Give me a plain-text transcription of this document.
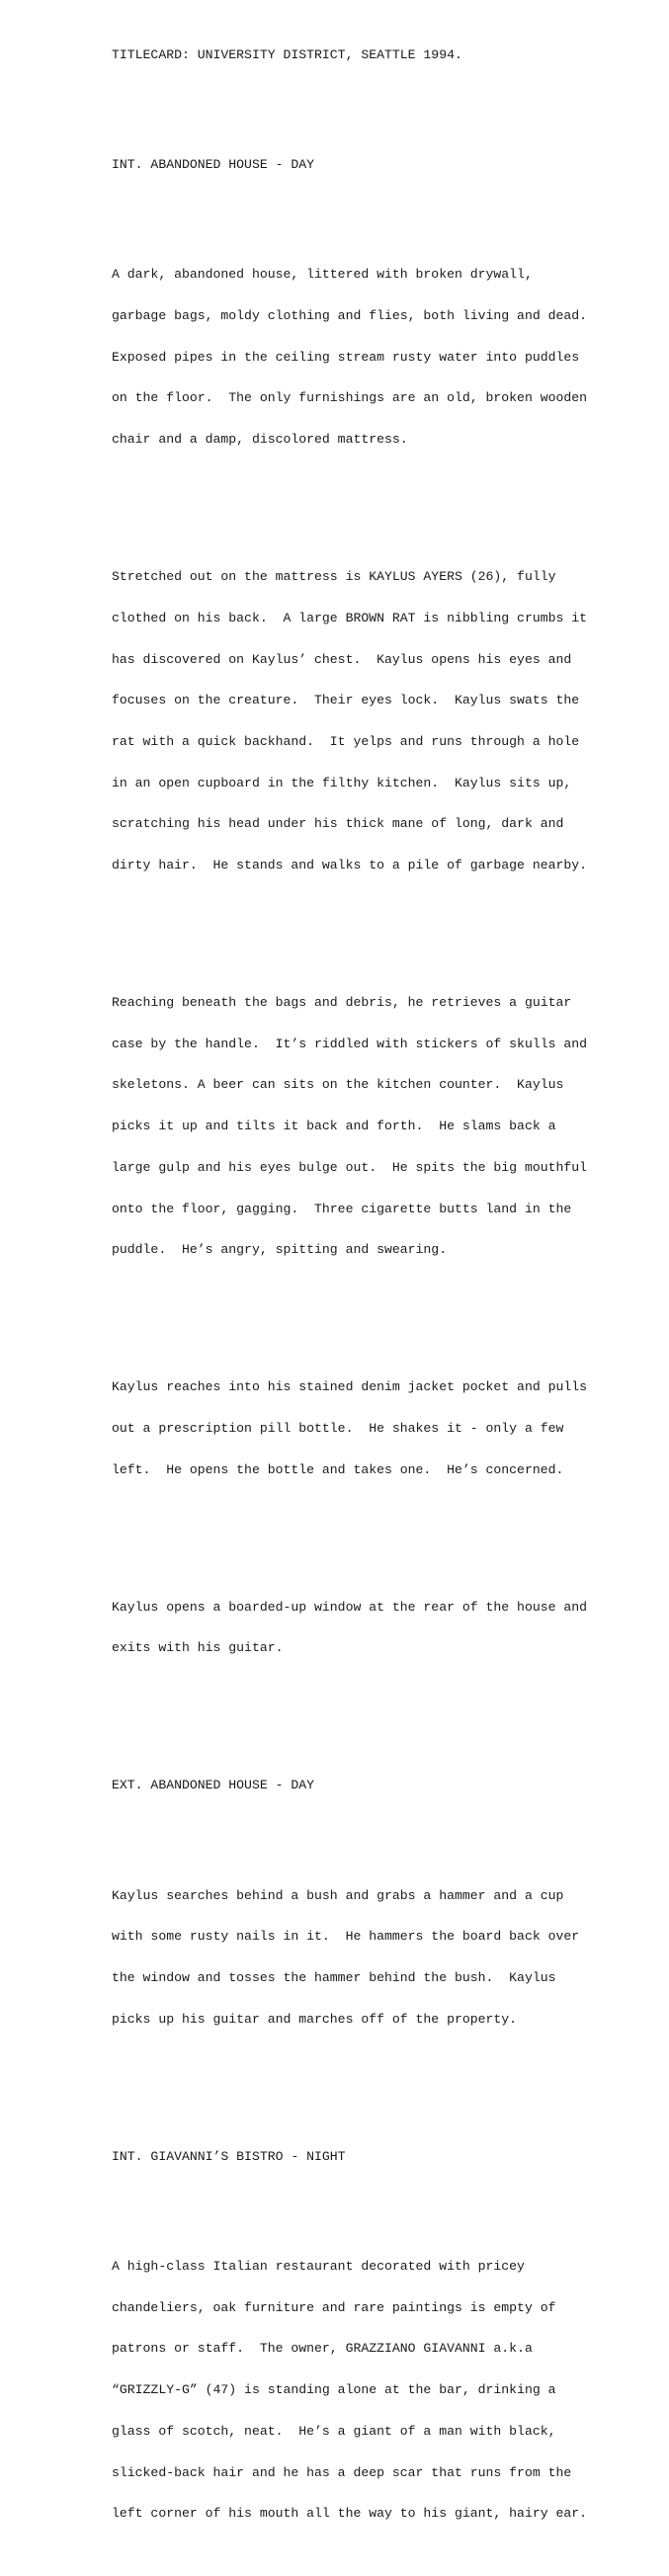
TITLECARD: UNIVERSITY DISTRICT, SEATTLE 1994.

INT. ABANDONED HOUSE - DAY

A dark, abandoned house, littered with broken drywall,

garbage bags, moldy clothing and flies, both living and dead.

Exposed pipes in the ceiling stream rusty water into puddles

on the floor.  The only furnishings are an old, broken wooden

chair and a damp, discolored mattress.

Stretched out on the mattress is KAYLUS AYERS (26), fully

clothed on his back.  A large BROWN RAT is nibbling crumbs it

has discovered on Kaylus’ chest.  Kaylus opens his eyes and

focuses on the creature.  Their eyes lock.  Kaylus swats the

rat with a quick backhand.  It yelps and runs through a hole

in an open cupboard in the filthy kitchen.  Kaylus sits up,

scratching his head under his thick mane of long, dark and

dirty hair.  He stands and walks to a pile of garbage nearby.

Reaching beneath the bags and debris, he retrieves a guitar

case by the handle.  It’s riddled with stickers of skulls and

skeletons. A beer can sits on the kitchen counter.  Kaylus

picks it up and tilts it back and forth.  He slams back a

large gulp and his eyes bulge out.  He spits the big mouthful

onto the floor, gagging.  Three cigarette butts land in the

puddle.  He’s angry, spitting and swearing.

Kaylus reaches into his stained denim jacket pocket and pulls

out a prescription pill bottle.  He shakes it - only a few

left.  He opens the bottle and takes one.  He’s concerned.

Kaylus opens a boarded-up window at the rear of the house and

exits with his guitar.

EXT. ABANDONED HOUSE - DAY

Kaylus searches behind a bush and grabs a hammer and a cup

with some rusty nails in it.  He hammers the board back over

the window and tosses the hammer behind the bush.  Kaylus

picks up his guitar and marches off of the property.

INT. GIAVANNI’S BISTRO - NIGHT

A high-class Italian restaurant decorated with pricey

chandeliers, oak furniture and rare paintings is empty of

patrons or staff.  The owner, GRAZZIANO GIAVANNI a.k.a

“GRIZZLY-G” (47) is standing alone at the bar, drinking a

glass of scotch, neat.  He’s a giant of a man with black,

slicked-back hair and he has a deep scar that runs from the

left corner of his mouth all the way to his giant, hairy ear.
